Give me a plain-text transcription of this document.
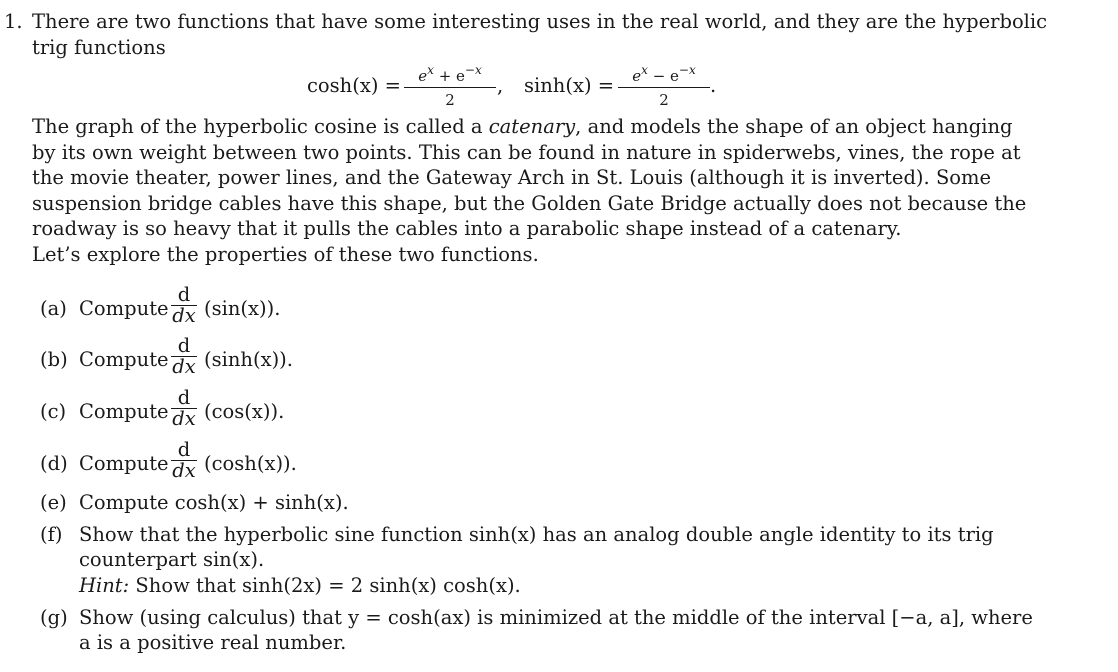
1. There are two functions that have some interesting uses in the real world, and they are the hyperbolic
trig functions
cosh(x) =	$e^x + e^{-x}$
2
, sinh(x) =	$e^x - e^{-x}$
2
.
The graph of the hyperbolic cosine is called a catenary, and models the shape of an object hanging
by its own weight between two points. This can be found in nature in spiderwebs, vines, the rope at
the movie theater, power lines, and the Gateway Arch in St. Louis (although it is inverted). Some
suspension bridge cables have this shape, but the Golden Gate Bridge actually does not because the
roadway is so heavy that it pulls the cables into a parabolic shape instead of a catenary.
Let’s explore the properties of these two functions.
(a) Compute
d
dx (sin(x)).
(b) Compute
d
dx (sinh(x)).
(c) Compute
d
dx (cos(x)).
(d) Compute
d
dx (cosh(x)).
(e) Compute cosh(x) + sinh(x).
(f) Show that the hyperbolic sine function sinh(x) has an analog double angle identity to its trig
counterpart sin(x).
Hint: Show that sinh(2x) = 2 sinh(x) cosh(x).
(g) Show (using calculus) that y = cosh(ax) is minimized at the middle of the interval [−a, a], where
a is a positive real number.
